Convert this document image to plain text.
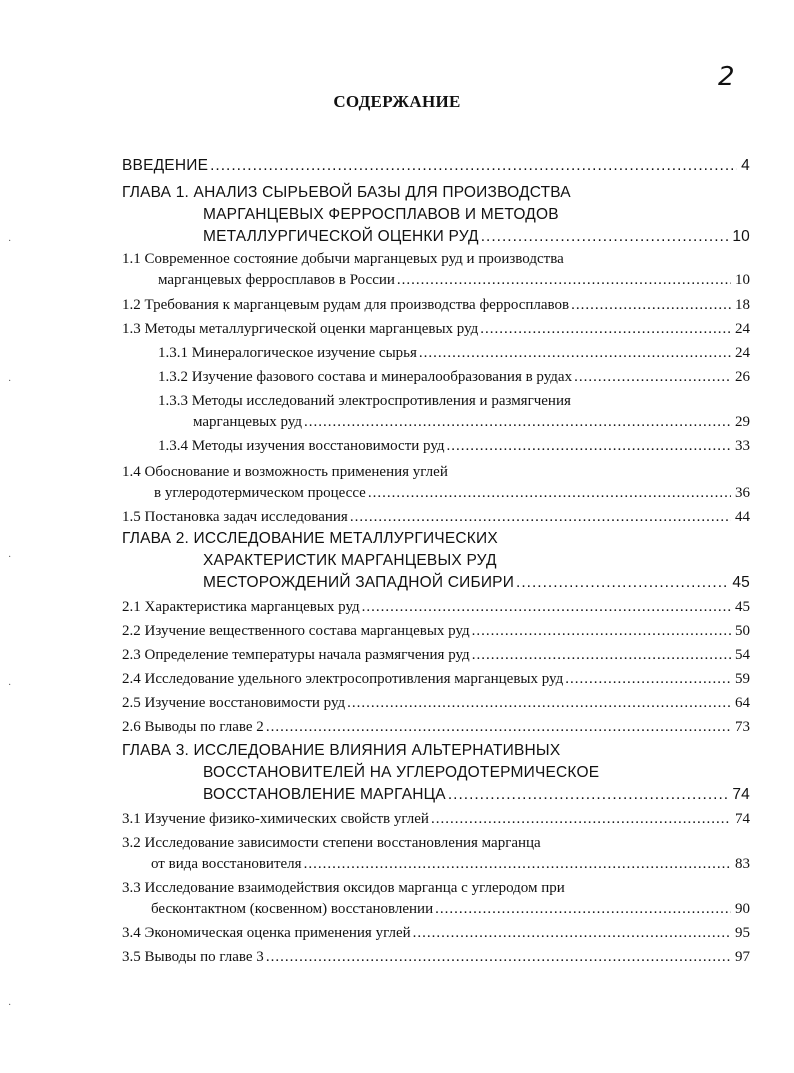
2
СОДЕРЖАНИЕ
ВВЕДЕНИЕ .....	4
ГЛАВА 1. АНАЛИЗ СЫРЬЕВОЙ БАЗЫ ДЛЯ ПРОИЗВОДСТВА
МАРГАНЦЕВЫХ ФЕРРОСПЛАВОВ И МЕТОДОВ
МЕТАЛЛУРГИЧЕСКОЙ ОЦЕНКИ РУД .....	10
1.1 Современное состояние добычи марганцевых руд и производства
марганцевых ферросплавов в России .....	10
1.2 Требования к марганцевым рудам для производства ферросплавов .....	18
1.3 Методы металлургической оценки марганцевых руд .....	24
1.3.1 Минералогическое изучение сырья .....	24
1.3.2 Изучение фазового состава и минералообразования в рудах .....	26
1.3.3 Методы исследований электроспротивления и размягчения
марганцевых руд .....	29
1.3.4 Методы изучения восстановимости руд .....	33
1.4 Обоснование и возможность применения углей
в углеродотермическом процессе .....	36
1.5 Постановка задач исследования .....	44
ГЛАВА 2. ИССЛЕДОВАНИЕ МЕТАЛЛУРГИЧЕСКИХ
ХАРАКТЕРИСТИК МАРГАНЦЕВЫХ РУД
МЕСТОРОЖДЕНИЙ ЗАПАДНОЙ СИБИРИ .....	45
2.1 Характеристика марганцевых руд .....	45
2.2 Изучение вещественного состава марганцевых руд .....	50
2.3 Определение температуры начала размягчения руд .....	54
2.4 Исследование удельного электросопротивления марганцевых руд .....	59
2.5 Изучение восстановимости руд .....	64
2.6 Выводы по главе 2 .....	73
ГЛАВА 3. ИССЛЕДОВАНИЕ ВЛИЯНИЯ АЛЬТЕРНАТИВНЫХ
ВОССТАНОВИТЕЛЕЙ НА УГЛЕРОДОТЕРМИЧЕСКОЕ
ВОССТАНОВЛЕНИЕ МАРГАНЦА .....	74
3.1 Изучение физико-химических свойств углей .....	74
3.2 Исследование зависимости степени восстановления марганца
от вида восстановителя .....	83
3.3 Исследование взаимодействия оксидов марганца с углеродом при
бесконтактном (косвенном) восстановлении .....	90
3.4 Экономическая оценка применения углей .....	95
3.5 Выводы по главе 3 .....	97
·
·
·
·
·
